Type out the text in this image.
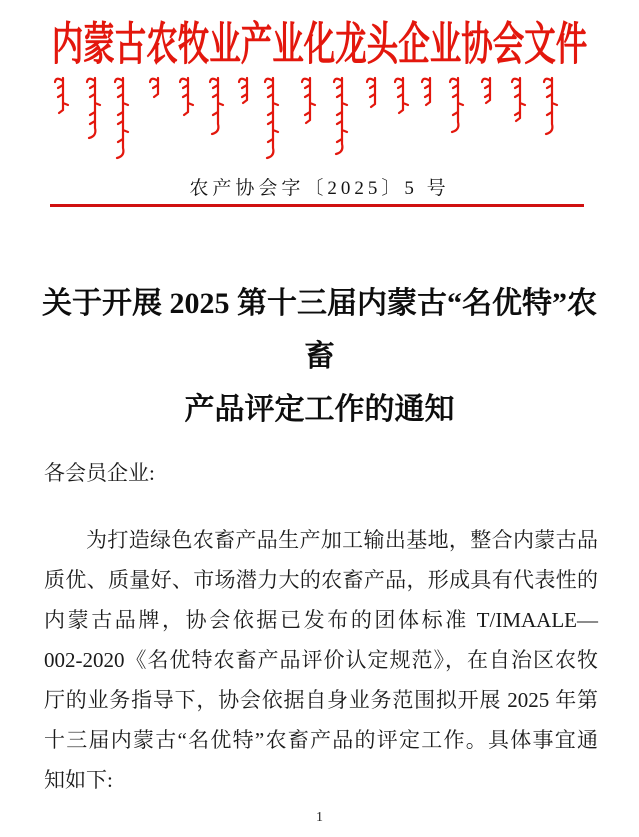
内蒙古农牧业产业化龙头企业协会文件
农产协会字〔2025〕5 号
关于开展 2025 第十三届内蒙古“名优特”农畜
产品评定工作的通知
各会员企业:
为打造绿色农畜产品生产加工输出基地，整合内蒙古品
质优、质量好、市场潜力大的农畜产品，形成具有代表性的
内蒙古品牌，协会依据已发布的团体标准 T/IMAALE—
002-2020《名优特农畜产品评价认定规范》，在自治区农牧
厅的业务指导下，协会依据自身业务范围拟开展 2025 年第
十三届内蒙古“名优特”农畜产品的评定工作。具体事宜通
知如下:
1
